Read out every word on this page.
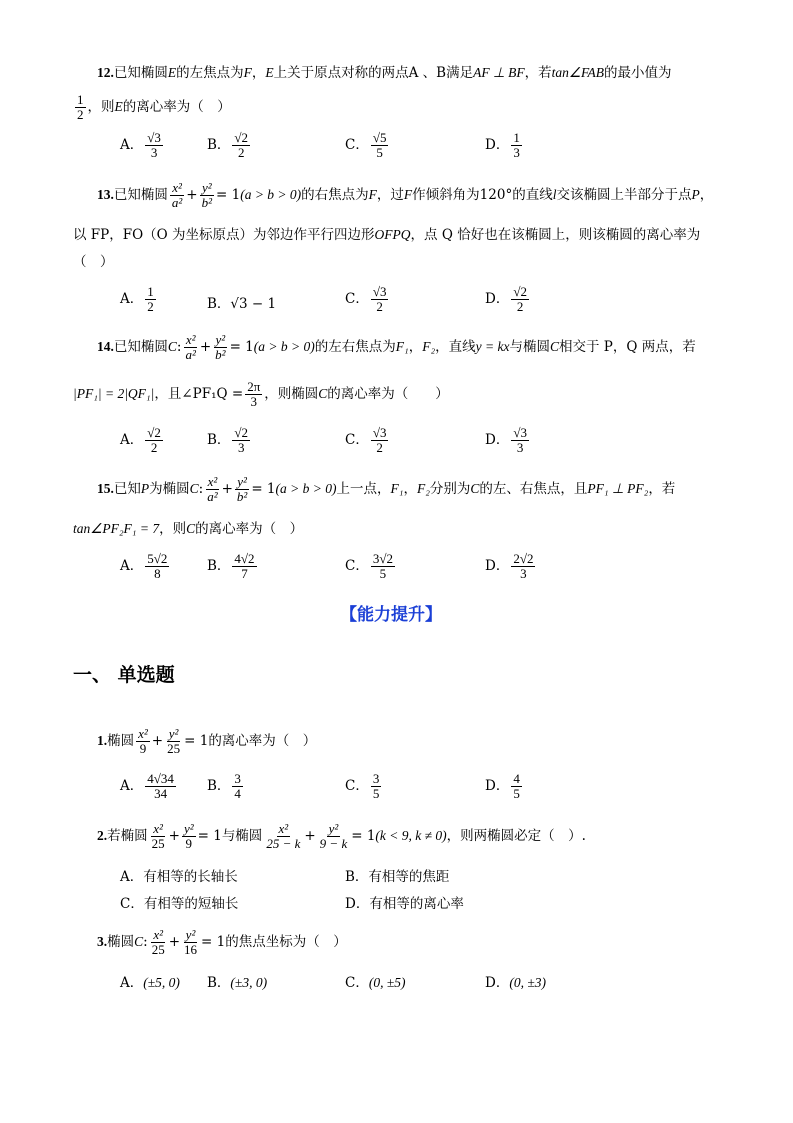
12.已知椭圆E的左焦点为F，E上关于原点对称的两点A 、B满足AF ⊥ BF，若tan∠FAB的最小值为
$\frac{1}{2}$ ，则E的离心率为（　）
A． $\frac{√3}{3}$	B． $\frac{√2}{2}$	C． $\frac{√5}{5}$	D． $\frac{1}{3}$
13.已知椭圆 $\frac{\text{x²}}{\text{a²}} + \frac{\text{y²}}{\text{b²}} = 1(a > b > 0)$的右焦点为F，过F作倾斜角为120°的直线l交该椭圆上半部分于点P，
以 FP，FO（O 为坐标原点）为邻边作平行四边形OFPQ，点 Q 恰好也在该椭圆上，则该椭圆的离心率为
（　）
A． $\frac{1}{2}$	B．√3 − 1	C． $\frac{√3}{2}$	D． $\frac{√2}{2}$
14.已知椭圆C: $\frac{\text{x²}}{\text{a²}} + \frac{\text{y²}}{\text{b²}} = 1(a > b > 0)$的左右焦点为F₁，F₂，直线y = kx与椭圆C相交于 P，Q 两点，若
|PF₁| = 2|QF₁|，且∠PF₁Q = $\frac{2\pi}{3}$ ，则椭圆C的离心率为（　　）
A． $\frac{√2}{2}$	B． $\frac{√2}{3}$	C． $\frac{√3}{2}$	D． $\frac{√3}{3}$
15.已知P为椭圆C: $\frac{\text{x²}}{\text{a²}} + \frac{\text{y²}}{\text{b²}} = 1(a > b > 0)$上一点，F₁，F₂分别为C的左、右焦点，且PF₁ ⊥ PF₂，若
tan∠PF₂F₁ = 7，则C的离心率为（　）
A． $\frac{5√2}{8}$	B． $\frac{4√2}{7}$	C． $\frac{3√2}{5}$	D． $\frac{2√2}{3}$
【能力提升】
一、 单选题
1.椭圆 $\frac{\text{x²}}{9} + \frac{\text{y²}}{25} = 1$的离心率为（　）
A． $\frac{4√34}{34}$ B． $\frac{3}{4}$	C． $\frac{3}{5}$	D． $\frac{4}{5}$
2.若椭圆 $\frac{\text{x²}}{25} + \frac{\text{y²}}{9} = 1$与椭圆 $\frac{\text{x²}}{25 - k} + \frac{\text{y²}}{9 - k} = 1(k < 9$, k ≠ 0)，则两椭圆必定（　）.
A．有相等的长轴长	B．有相等的焦距
C．有相等的短轴长	D．有相等的离心率
3.椭圆C: $\frac{\text{x²}}{25} + \frac{\text{y²}}{16} = 1$的焦点坐标为（　）
A．(±5, 0) B．(±3, 0)	C．(0, ±5)	D．(0, ±3)
